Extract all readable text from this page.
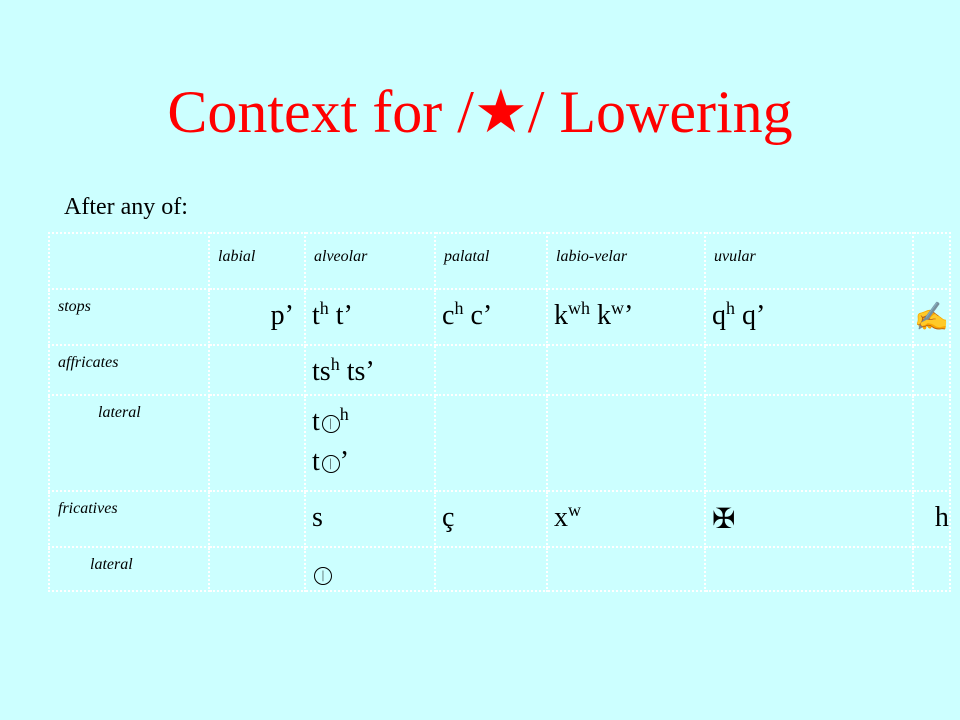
Context for /★/ Lowering
After any of:
	labial	alveolar	palatal	labio-velar	uvular	
stops	p’	$t^h$ t’	$c^h$ c’	$k^{wh}$ $k^w$’	$q^h$ q’	✍
affricates		$ts^h$ ts’				
lateral		t ᛁ $^h$
t ᛁ ’				

fricatives		s	ç	$x^w$	✠	h
lateral		ᛁ				
